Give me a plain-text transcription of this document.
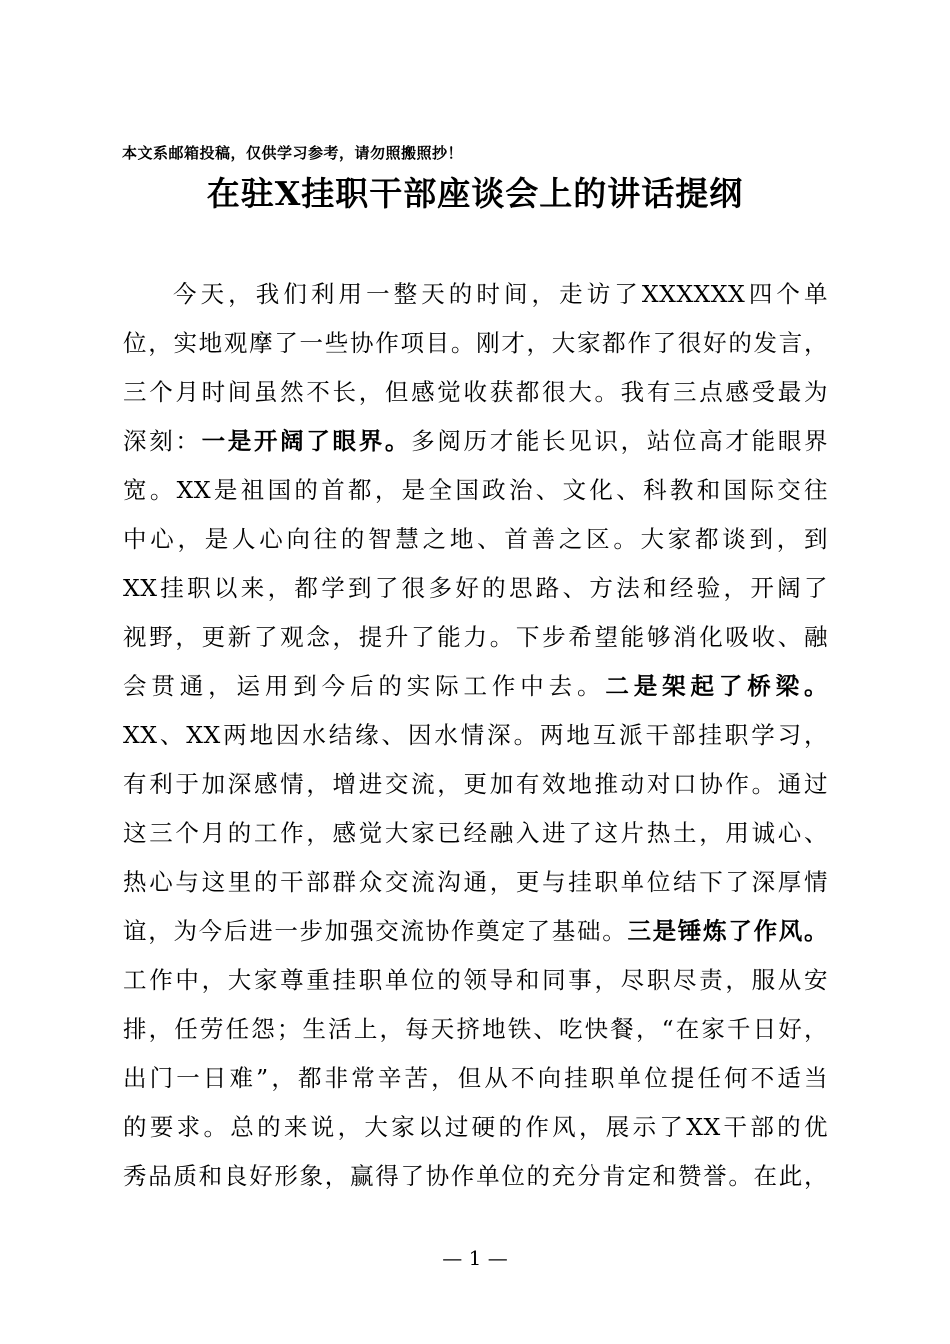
本文系邮箱投稿，仅供学习参考，请勿照搬照抄！
在驻X挂职干部座谈会上的讲话提纲
今天，我们利用一整天的时间，走访了XXXXXX四个单
位，实地观摩了一些协作项目。刚才，大家都作了很好的发言，
三个月时间虽然不长，但感觉收获都很大。我有三点感受最为
深刻：一是开阔了眼界。多阅历才能长见识，站位高才能眼界
宽。XX是祖国的首都，是全国政治、文化、科教和国际交往
中心，是人心向往的智慧之地、首善之区。大家都谈到，到
XX挂职以来，都学到了很多好的思路、方法和经验，开阔了
视野，更新了观念，提升了能力。下步希望能够消化吸收、融
会贯通，运用到今后的实际工作中去。二是架起了桥梁。
XX、XX两地因水结缘、因水情深。两地互派干部挂职学习，
有利于加深感情，增进交流，更加有效地推动对口协作。通过
这三个月的工作，感觉大家已经融入进了这片热土，用诚心、
热心与这里的干部群众交流沟通，更与挂职单位结下了深厚情
谊，为今后进一步加强交流协作奠定了基础。三是锤炼了作风。
工作中，大家尊重挂职单位的领导和同事，尽职尽责，服从安
排，任劳任怨；生活上，每天挤地铁、吃快餐，“在家千日好，
出门一日难”，都非常辛苦，但从不向挂职单位提任何不适当
的要求。总的来说，大家以过硬的作风，展示了XX干部的优
秀品质和良好形象，赢得了协作单位的充分肯定和赞誉。在此，
— 1 —
